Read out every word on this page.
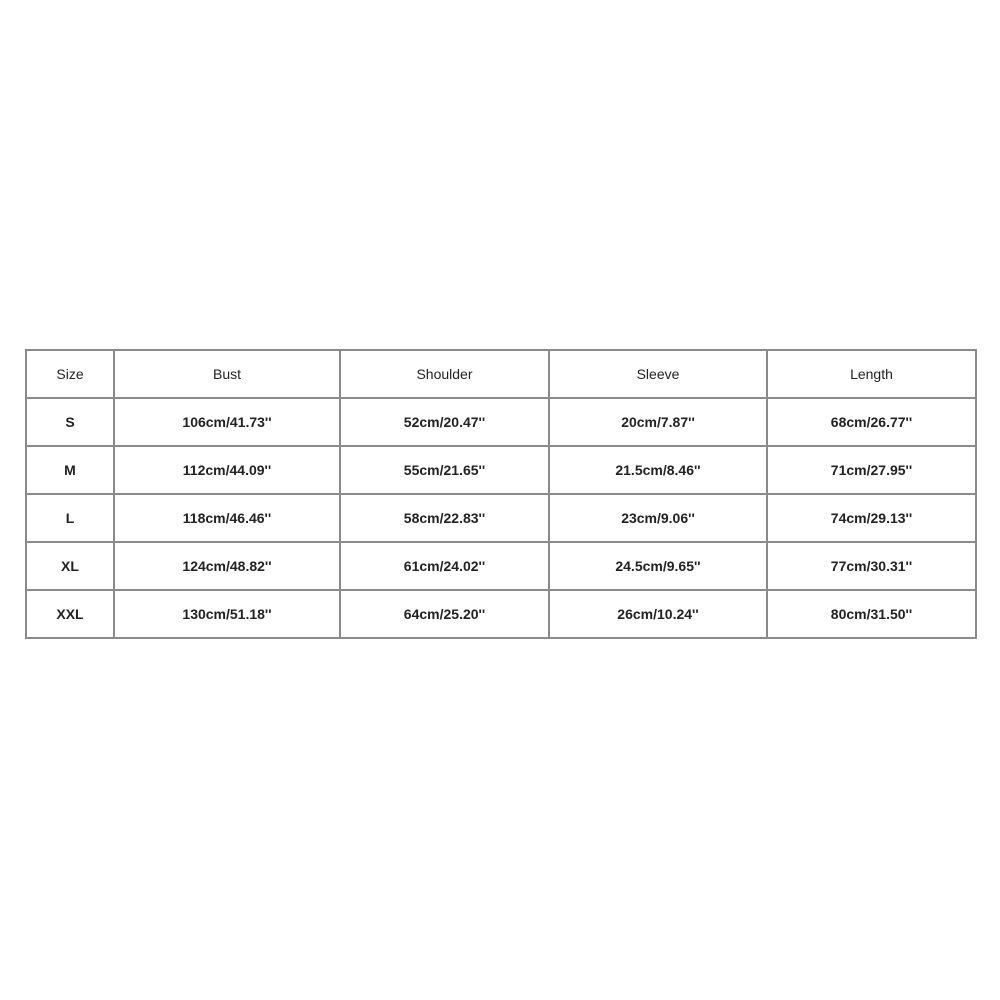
Size	Bust	Shoulder	Sleeve	Length
S	106cm/41.73''	52cm/20.47''	20cm/7.87''	68cm/26.77''
M	112cm/44.09''	55cm/21.65''	21.5cm/8.46''	71cm/27.95''
L	118cm/46.46''	58cm/22.83''	23cm/9.06''	74cm/29.13''
XL	124cm/48.82''	61cm/24.02''	24.5cm/9.65''	77cm/30.31''
XXL	130cm/51.18''	64cm/25.20''	26cm/10.24''	80cm/31.50''
